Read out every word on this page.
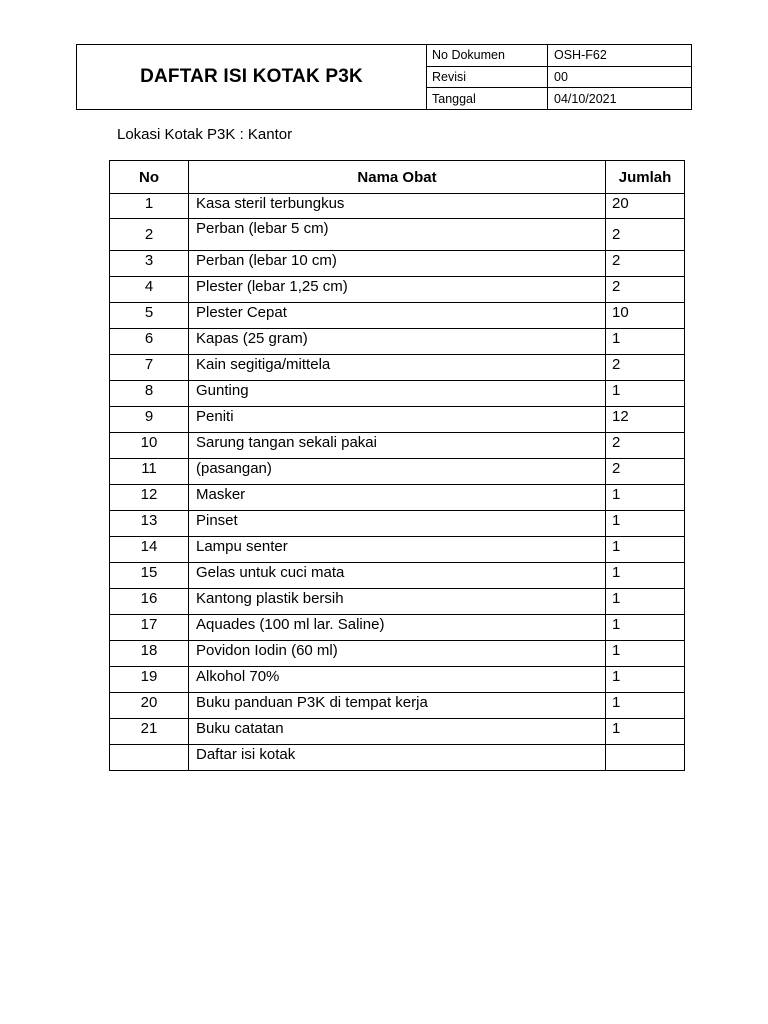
DAFTAR ISI KOTAK P3K
No Dokumen	OSH-F62
Revisi	00
Tanggal	04/10/2021
Lokasi Kotak P3K : Kantor
No	Nama Obat	Jumlah
1	Kasa steril terbungkus	20
2	Perban (lebar 5 cm)	2
3	Perban (lebar 10 cm)	2
4	Plester (lebar 1,25 cm)	2
5	Plester Cepat	10
6	Kapas (25 gram)	1
7	Kain segitiga/mittela	2
8	Gunting	1
9	Peniti	12
10	Sarung tangan sekali pakai	2
11	(pasangan)	2
12	Masker	1
13	Pinset	1
14	Lampu senter	1
15	Gelas untuk cuci mata	1
16	Kantong plastik bersih	1
17	Aquades (100 ml lar. Saline)	1
18	Povidon Iodin (60 ml)	1
19	Alkohol 70%	1
20	Buku panduan P3K di tempat kerja	1
21	Buku catatan	1
	Daftar isi kotak	
